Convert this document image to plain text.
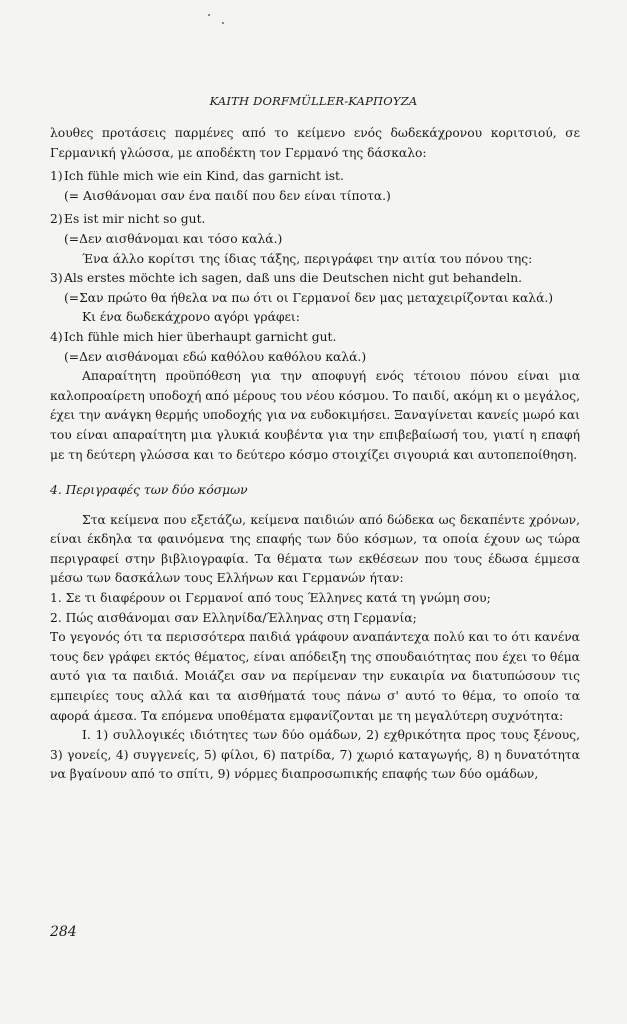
KAITH DORFMÜLLER-KAPΠOYZA

λουθες προτάσεις παρμένες από το κείμενο ενός δωδεκάχρονου κοριτσιού, σε Γερμανική γλώσσα, με αποδέκτη τον Γερμανό της δάσκαλο:

1) Ich fühle mich wie ein Kind, das garnicht ist.

(= Αισθάνομαι σαν ένα παιδί που δεν είναι τίποτα.)

2) Es ist mir nicht so gut.

(=Δεν αισθάνομαι και τόσο καλά.)

Ένα άλλο κορίτσι της ίδιας τάξης, περιγράφει την αιτία του πόνου της:

3) Als erstes möchte ich sagen, daß uns die Deutschen nicht gut behandeln.

(=Σαν πρώτο θα ήθελα να πω ότι οι Γερμανοί δεν μας μεταχειρίζονται καλά.)

Κι ένα δωδεκάχρονο αγόρι γράφει:

4) Ich fühle mich hier überhaupt garnicht gut.

(=Δεν αισθάνομαι εδώ καθόλου καθόλου καλά.)

Απαραίτητη προϋπόθεση για την αποφυγή ενός τέτοιου πόνου είναι μια καλοπροαίρετη υποδοχή από μέρους του νέου κόσμου. Το παιδί, ακόμη κι ο μεγάλος, έχει την ανάγκη θερμής υποδοχής για να ευδοκιμήσει. Ξαναγίνεται κανείς μωρό και του είναι απαραίτητη μια γλυκιά κουβέντα για την επιβεβαίωσή του, γιατί η επαφή με τη δεύτερη γλώσσα και το δεύτερο κόσμο στοιχίζει σιγουριά και αυτοπεποίθηση.

4. Περιγραφές των δύο κόσμων

Στα κείμενα που εξετάζω, κείμενα παιδιών από δώδεκα ως δεκαπέντε χρόνων, είναι έκδηλα τα φαινόμενα της επαφής των δύο κόσμων, τα οποία έχουν ως τώρα περιγραφεί στην βιβλιογραφία. Τα θέματα των εκθέσεων που τους έδωσα έμμεσα μέσω των δασκάλων τους Ελλήνων και Γερμανών ήταν:

1. Σε τι διαφέρουν οι Γερμανοί από τους Έλληνες κατά τη γνώμη σου;

2. Πώς αισθάνομαι σαν Ελληνίδα/Έλληνας στη Γερμανία;

Το γεγονός ότι τα περισσότερα παιδιά γράφουν αναπάντεχα πολύ και το ότι κανένα τους δεν γράφει εκτός θέματος, είναι απόδειξη της σπουδαιότητας που έχει το θέμα αυτό για τα παιδιά. Μοιάζει σαν να περίμεναν την ευκαιρία να διατυπώσουν τις εμπειρίες τους αλλά και τα αισθήματά τους πάνω σ' αυτό το θέμα, το οποίο τα αφορά άμεσα. Τα επόμενα υποθέματα εμφανίζονται με τη μεγαλύτερη συχνότητα:

Ι. 1) συλλογικές ιδιότητες των δύο ομάδων, 2) εχθρικότητα προς τους ξένους, 3) γονείς, 4) συγγενείς, 5) φίλοι, 6) πατρίδα, 7) χωριό καταγωγής, 8) η δυνατότητα να βγαίνουν από το σπίτι, 9) νόρμες διαπροσωπικής επαφής των δύο ομάδων,

284
